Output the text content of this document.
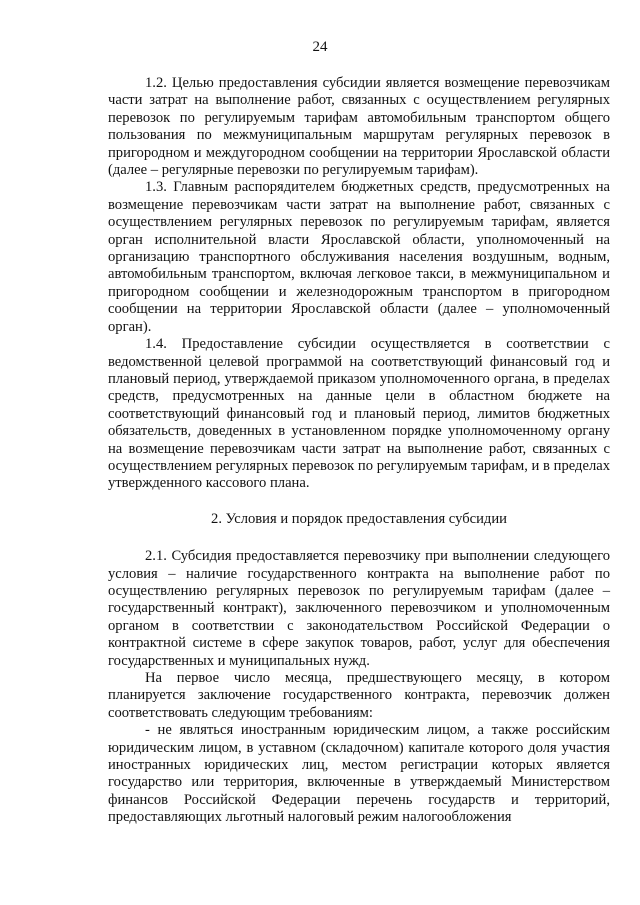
24

1.2. Целью предоставления субсидии является возмещение перевозчикам части затрат на выполнение работ, связанных с осуществлением регулярных перевозок по регулируемым тарифам автомобильным транспортом общего пользования по межмуниципальным маршрутам регулярных перевозок в пригородном и междугородном сообщении на территории Ярославской области (далее – регулярные перевозки по регулируемым тарифам).

1.3. Главным распорядителем бюджетных средств, предусмотренных на возмещение перевозчикам части затрат на выполнение работ, связанных с осуществлением регулярных перевозок по регулируемым тарифам, является орган исполнительной власти Ярославской области, уполномоченный на организацию транспортного обслуживания населения воздушным, водным, автомобильным транспортом, включая легковое такси, в межмуниципальном и пригородном сообщении и железнодорожным транспортом в пригородном сообщении на территории Ярославской области (далее – уполномоченный орган).

1.4. Предоставление субсидии осуществляется в соответствии с ведомственной целевой программой на соответствующий финансовый год и плановый период, утверждаемой приказом уполномоченного органа, в пределах средств, предусмотренных на данные цели в областном бюджете на соответствующий финансовый год и плановый период, лимитов бюджетных обязательств, доведенных в установленном порядке уполномоченному органу на возмещение перевозчикам части затрат на выполнение работ, связанных с осуществлением регулярных перевозок по регулируемым тарифам, и в пределах утвержденного кассового плана.

2. Условия и порядок предоставления субсидии

2.1. Субсидия предоставляется перевозчику при выполнении следующего условия – наличие государственного контракта на выполнение работ по осуществлению регулярных перевозок по регулируемым тарифам (далее – государственный контракт), заключенного перевозчиком и уполномоченным органом в соответствии с законодательством Российской Федерации о контрактной системе в сфере закупок товаров, работ, услуг для обеспечения государственных и муниципальных нужд.

На первое число месяца, предшествующего месяцу, в котором планируется заключение государственного контракта, перевозчик должен соответствовать следующим требованиям:

- не являться иностранным юридическим лицом, а также российским юридическим лицом, в уставном (складочном) капитале которого доля участия иностранных юридических лиц, местом регистрации которых является государство или территория, включенные в утверждаемый Министерством финансов Российской Федерации перечень государств и территорий, предоставляющих льготный налоговый режим налогообложения
